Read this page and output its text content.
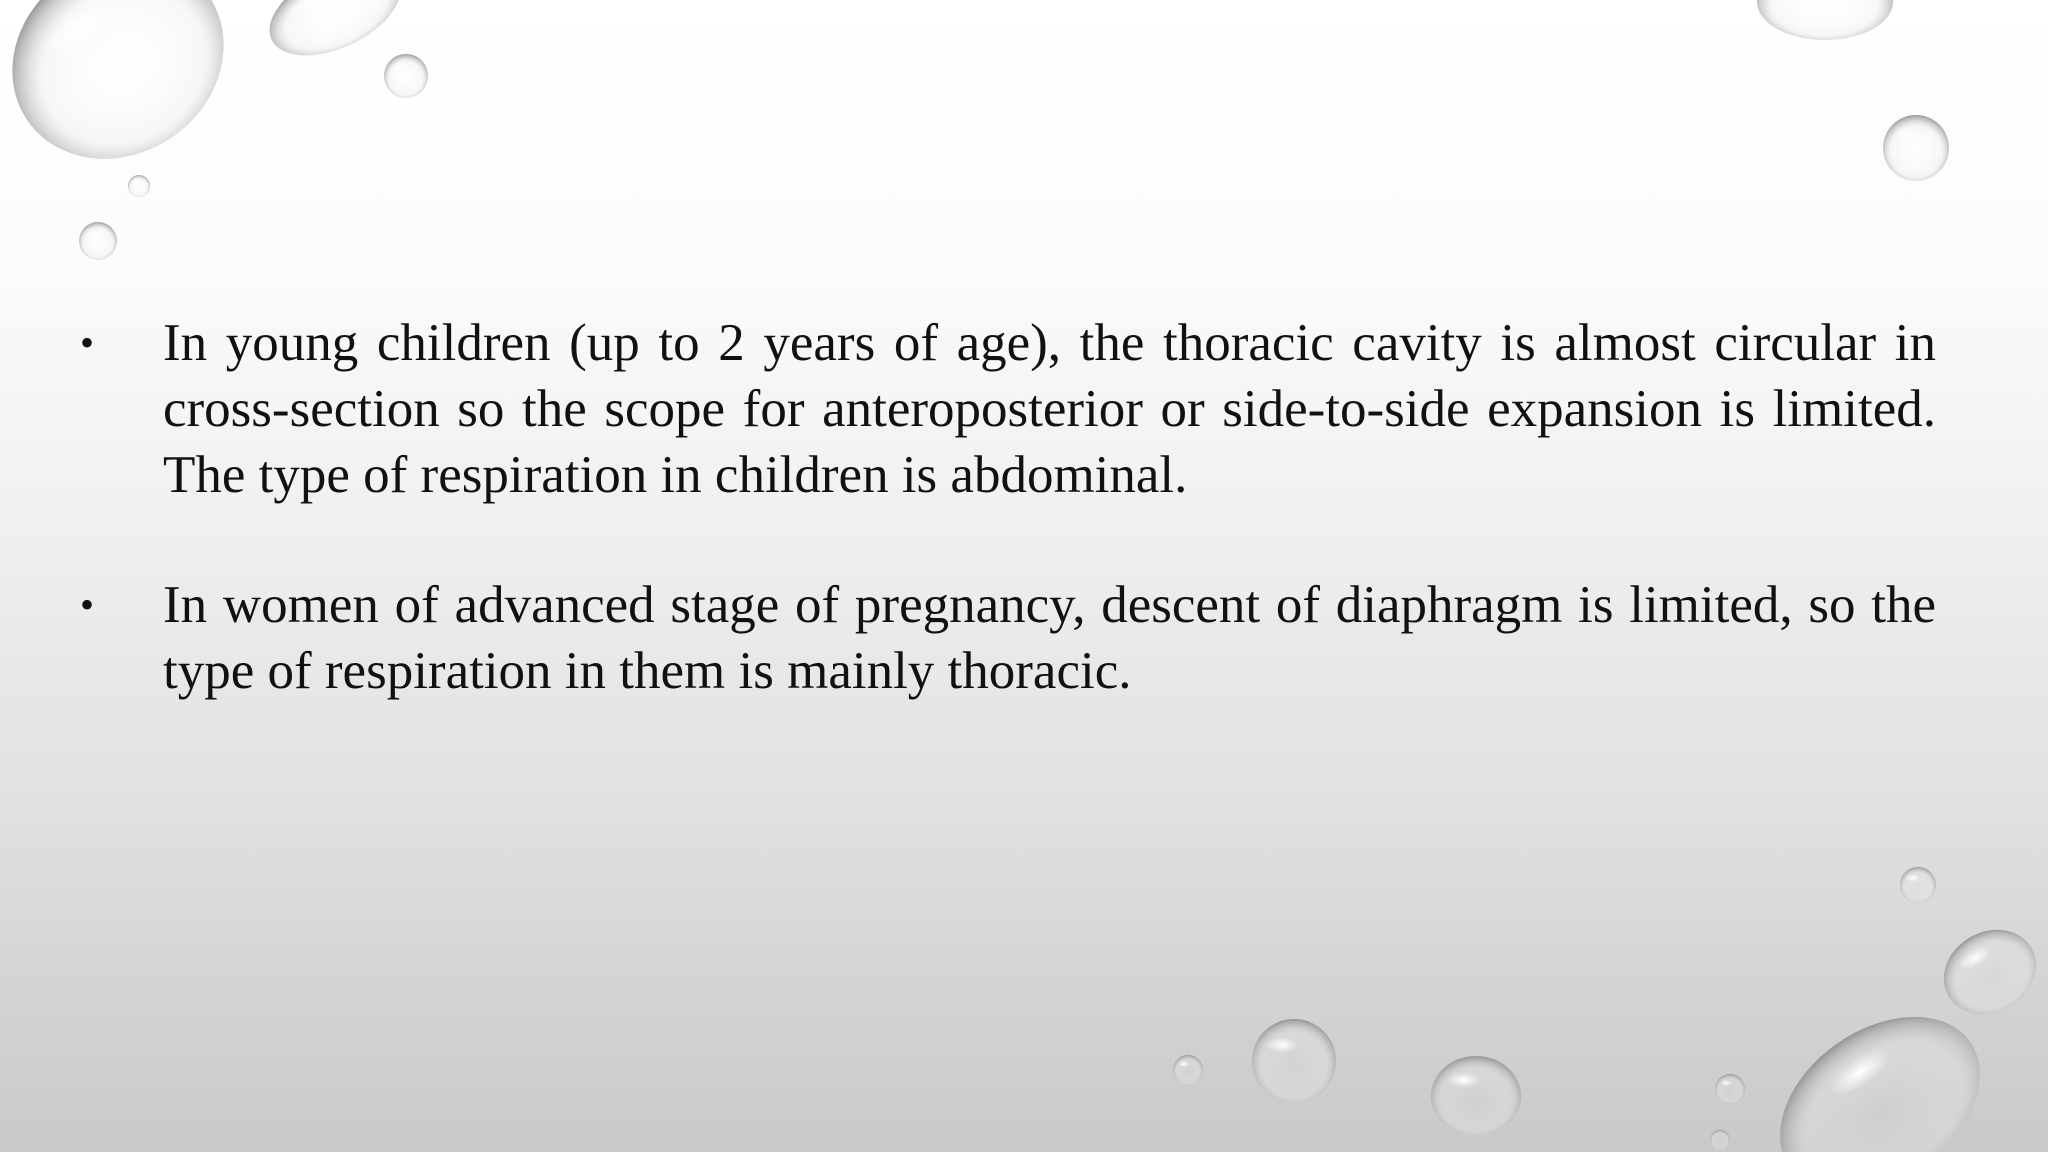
•	In young children (up to 2 years of age), the thoracic cavity is almost circular in cross-section so the scope for anteroposterior or side-to-side expansion is limited. The type of respiration in children is abdominal.
•	In women of advanced stage of pregnancy, descent of diaphragm is limited, so the type of respiration in them is mainly thoracic.
